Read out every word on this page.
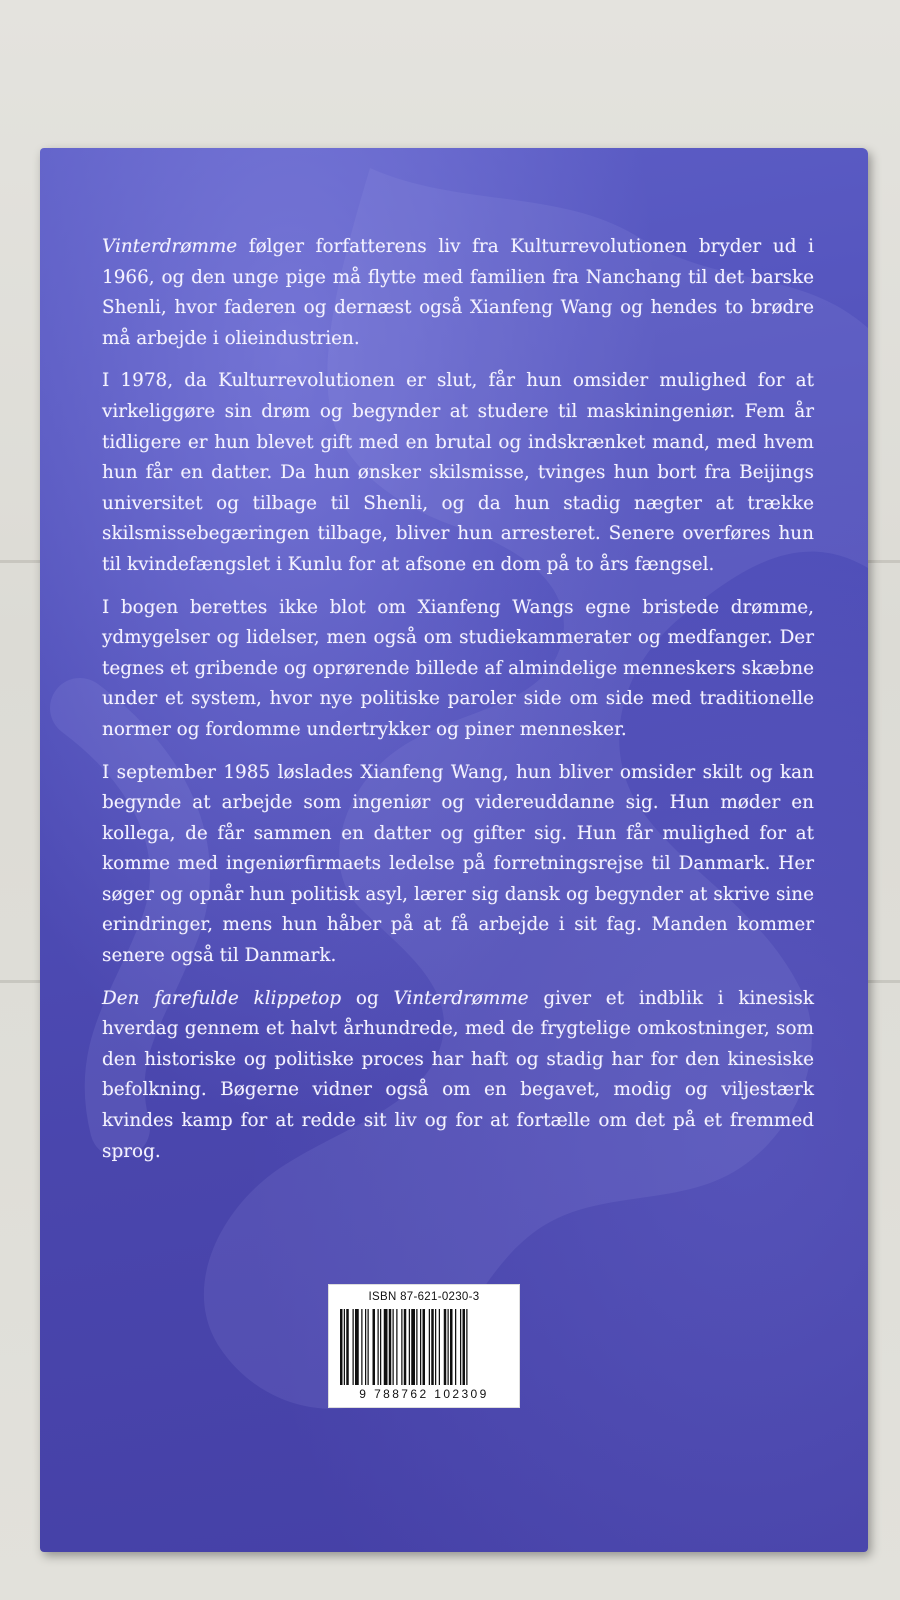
Vinterdrømme følger forfatterens liv fra Kulturrevolutionen bryder ud i 1966, og den unge pige må flytte med familien fra Nanchang til det barske Shenli, hvor faderen og dernæst også Xianfeng Wang og hendes to brødre må arbejde i olieindustrien.

I 1978, da Kulturrevolutionen er slut, får hun omsider mulighed for at virkeliggøre sin drøm og begynder at studere til maskiningeniør. Fem år tidligere er hun blevet gift med en brutal og indskrænket mand, med hvem hun får en datter. Da hun ønsker skilsmisse, tvinges hun bort fra Beijings universitet og tilbage til Shenli, og da hun stadig nægter at trække skilsmissebegæringen tilbage, bliver hun arresteret. Senere overføres hun til kvindefængslet i Kunlu for at afsone en dom på to års fængsel.

I bogen berettes ikke blot om Xianfeng Wangs egne bristede drømme, ydmygelser og lidelser, men også om studiekammerater og medfanger. Der tegnes et gribende og oprørende billede af almindelige menneskers skæbne under et system, hvor nye politiske paroler side om side med traditionelle normer og fordomme undertrykker og piner mennesker.

I september 1985 løslades Xianfeng Wang, hun bliver omsider skilt og kan begynde at arbejde som ingeniør og videreuddanne sig. Hun møder en kollega, de får sammen en datter og gifter sig. Hun får mulighed for at komme med ingeniørfirmaets ledelse på forretningsrejse til Danmark. Her søger og opnår hun politisk asyl, lærer sig dansk og begynder at skrive sine erindringer, mens hun håber på at få arbejde i sit fag. Manden kommer senere også til Danmark.

Den farefulde klippetop og Vinterdrømme giver et indblik i kinesisk hverdag gennem et halvt århundrede, med de frygtelige omkostninger, som den historiske og politiske proces har haft og stadig har for den kinesiske befolkning. Bøgerne vidner også om en begavet, modig og viljestærk kvindes kamp for at redde sit liv og for at fortælle om det på et fremmed sprog.

ISBN 87-621-0230-3
9 788762 102309
